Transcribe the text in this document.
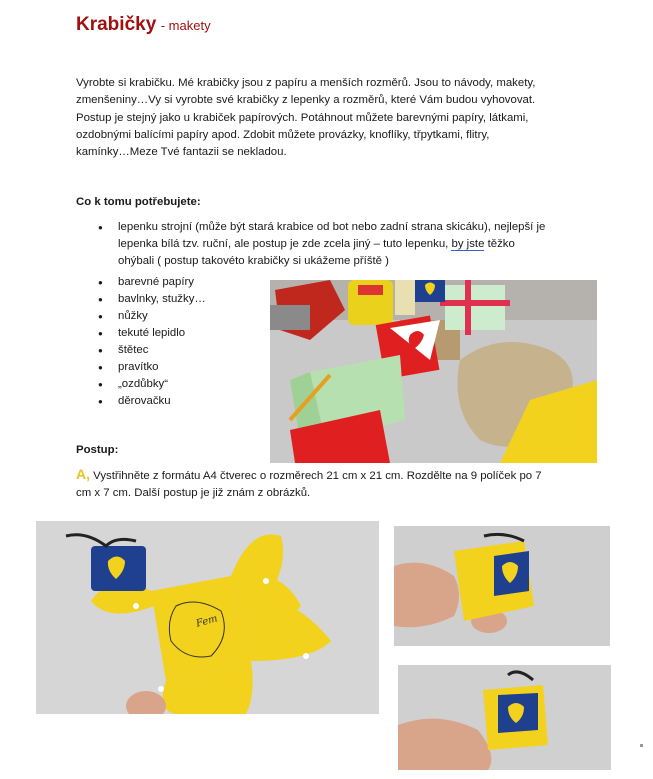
Krabičky - makety
Vyrobte si krabičku. Mé krabičky jsou z papíru a menších rozměrů. Jsou to návody, makety,
zmenšeniny…Vy si vyrobte své krabičky z lepenky a rozměrů, které Vám budou vyhovovat.
Postup je stejný jako u krabiček papírových. Potáhnout můžete barevnými papíry, látkami,
ozdobnými balícími papíry apod. Zdobit můžete provázky, knoflíky, třpytkami, flitry,
kamínky…Meze Tvé fantazii se nekladou.
Co k tomu potřebujete:
● lepenku strojní (může být stará krabice od bot nebo zadní strana skicáku), nejlepší je
lepenka bílá tzv. ruční, ale postup je zde zcela jiný – tuto lepenku, by jste těžko
ohýbali ( postup takovéto krabičky si ukážeme příště )
● barevné papíry
● bavlnky, stužky…
● nůžky
● tekuté lepidlo
● štětec
● pravítko
● „ozdůbky“
● děrovačku
Postup:
A, Vystřihněte z formátu A4 čtverec o rozměrech 21 cm x 21 cm. Rozdělte na 9 políček po 7
cm x 7 cm. Další postup je již znám z obrázků.
Fem
